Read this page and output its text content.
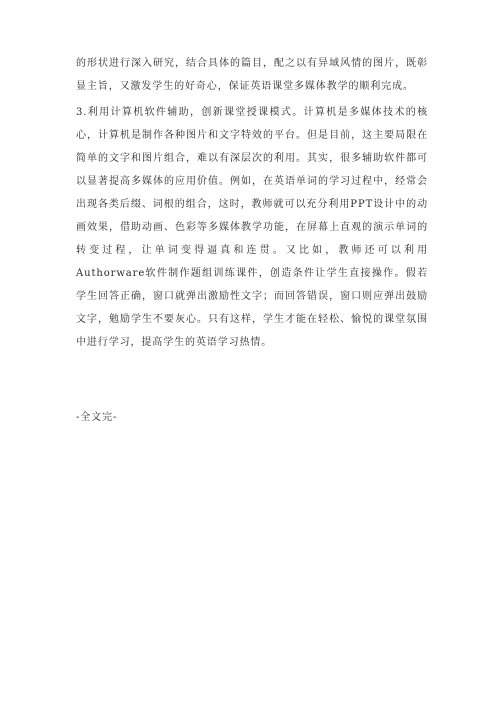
的形状进行深入研究，结合具体的篇目，配之以有异域风情的图片，既彰显主旨，又激发学生的好奇心，保证英语课堂多媒体教学的顺利完成。

3.利用计算机软件辅助，创新课堂授课模式。计算机是多媒体技术的核心，计算机是制作各种图片和文字特效的平台。但是目前，这主要局限在简单的文字和图片组合，难以有深层次的利用。其实，很多辅助软件都可以显著提高多媒体的应用价值。例如，在英语单词的学习过程中，经常会出现各类后缀、词根的组合，这时，教师就可以充分利用PPT设计中的动画效果，借助动画、色彩等多媒体教学功能，在屏幕上直观的演示单词的转变过程，让单词变得逼真和连贯。又比如，教师还可以利用Authorware软件制作题组训练课件，创造条件让学生直接操作。假若学生回答正确，窗口就弹出激励性文字；而回答错误，窗口则应弹出鼓励文字，勉励学生不要灰心。只有这样，学生才能在轻松、愉悦的课堂氛围中进行学习，提高学生的英语学习热情。

-全文完-
